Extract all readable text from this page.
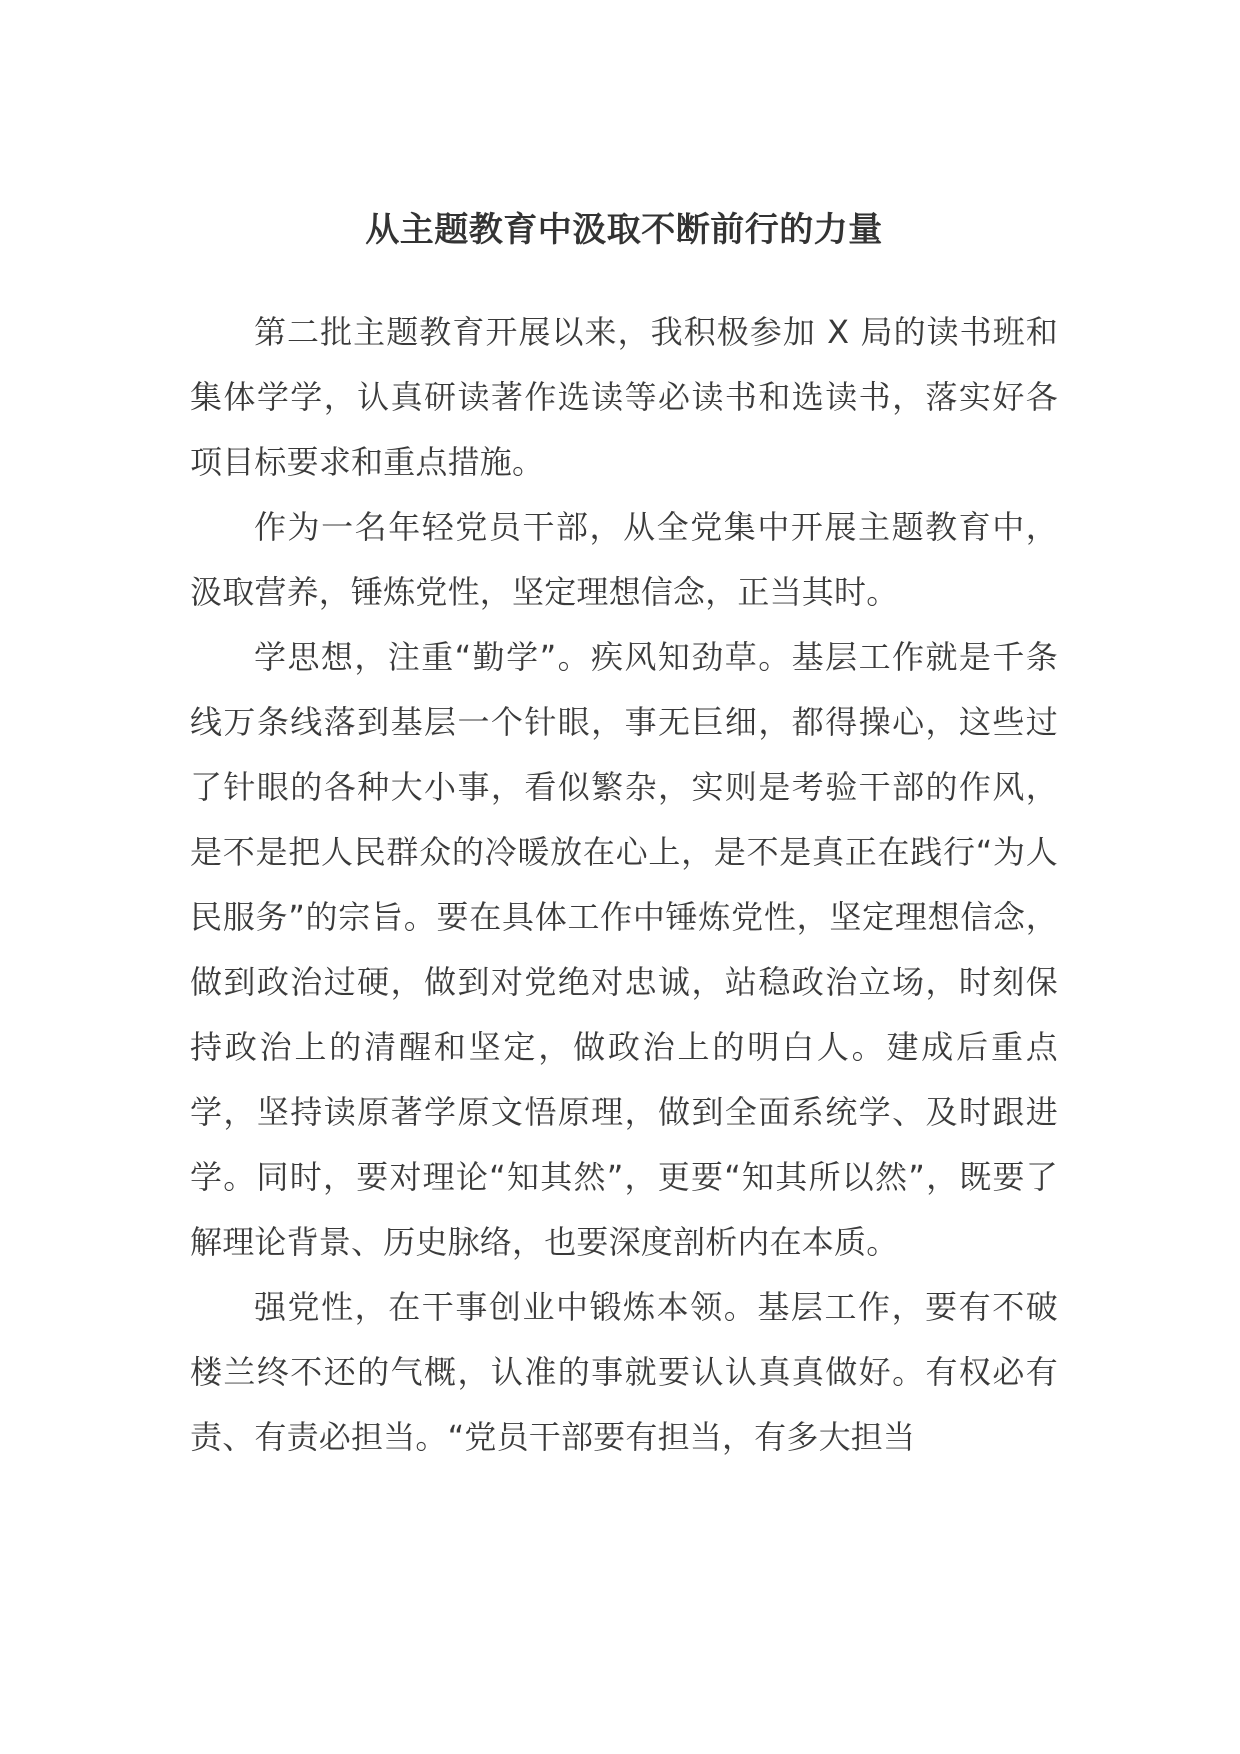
从主题教育中汲取不断前行的力量

第二批主题教育开展以来，我积极参加 X 局的读书班和集体学学，认真研读著作选读等必读书和选读书，落实好各项目标要求和重点措施。

作为一名年轻党员干部，从全党集中开展主题教育中，汲取营养，锤炼党性，坚定理想信念，正当其时。

学思想，注重“勤学”。疾风知劲草。基层工作就是千条线万条线落到基层一个针眼，事无巨细，都得操心，这些过了针眼的各种大小事，看似繁杂，实则是考验干部的作风，是不是把人民群众的冷暖放在心上，是不是真正在践行“为人民服务”的宗旨。要在具体工作中锤炼党性，坚定理想信念，做到政治过硬，做到对党绝对忠诚，站稳政治立场，时刻保持政治上的清醒和坚定，做政治上的明白人。建成后重点学，坚持读原著学原文悟原理，做到全面系统学、及时跟进学。同时，要对理论“知其然”，更要“知其所以然”，既要了解理论背景、历史脉络，也要深度剖析内在本质。

强党性，在干事创业中锻炼本领。基层工作，要有不破楼兰终不还的气概，认准的事就要认认真真做好。有权必有责、有责必担当。“党员干部要有担当，有多大担当
